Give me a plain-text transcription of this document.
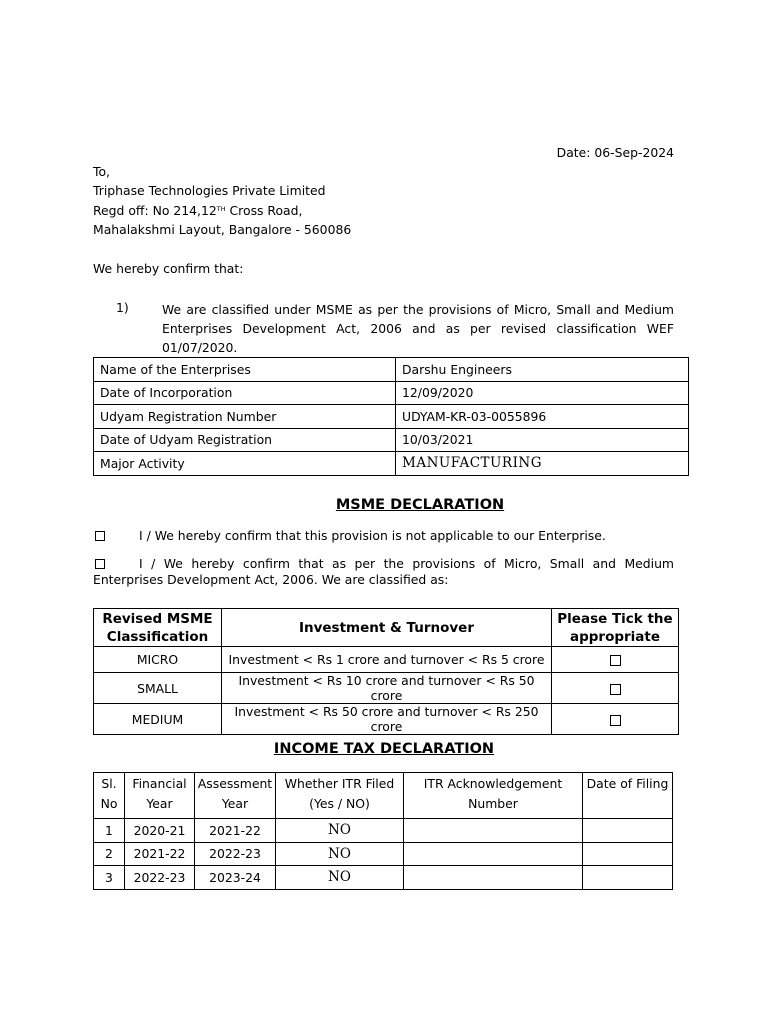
Date: 06-Sep-2024
To,
Triphase Technologies Private Limited
Regd off: No 214,12TH Cross Road,
Mahalakshmi Layout, Bangalore - 560086
We hereby confirm that:
1)	We are classified under MSME as per the provisions of Micro, Small and Medium Enterprises Development Act, 2006 and as per revised classification WEF 01/07/2020.
Name of the Enterprises	Darshu Engineers
Date of Incorporation	12/09/2020
Udyam Registration Number	UDYAM-KR-03-0055896
Date of Udyam Registration	10/03/2021
Major Activity	MANUFACTURING
MSME DECLARATION
I / We hereby confirm that this provision is not applicable to our Enterprise.
I / We hereby confirm that as per the provisions of Micro, Small and Medium Enterprises Development Act, 2006. We are classified as:
Revised MSME Classification	Investment & Turnover	Please Tick the appropriate
MICRO	Investment < Rs 1 crore and turnover < Rs 5 crore	
SMALL	Investment < Rs 10 crore and turnover < Rs 50 crore	
MEDIUM	Investment < Rs 50 crore and turnover < Rs 250 crore	
INCOME TAX DECLARATION
Sl. No	Financial Year	Assessment Year	Whether ITR Filed (Yes / NO)	ITR Acknowledgement Number	Date of Filing
1	2020-21	2021-22	NO		
2	2021-22	2022-23	NO		
3	2022-23	2023-24	NO		
